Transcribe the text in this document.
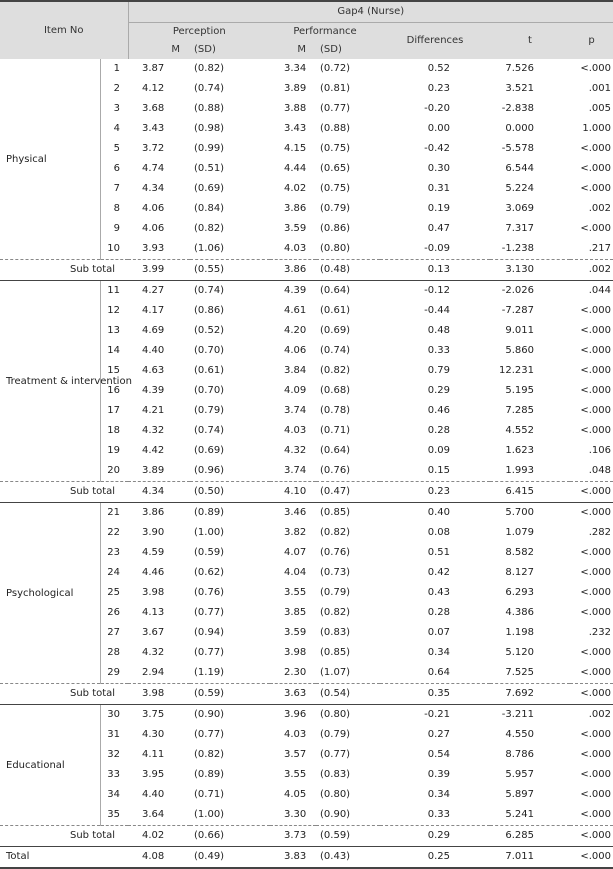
Item No		Gap4 (Nurse)						
		Perception		Performance		Differences	t	p
		M	(SD)	M	(SD)			
Physical	1	3.87	(0.82)	3.34	(0.72)	0.52	7.526	<.000
	2	4.12	(0.74)	3.89	(0.81)	0.23	3.521	.001
	3	3.68	(0.88)	3.88	(0.77)	-0.20	-2.838	.005
	4	3.43	(0.98)	3.43	(0.88)	0.00	0.000	1.000
	5	3.72	(0.99)	4.15	(0.75)	-0.42	-5.578	<.000
	6	4.74	(0.51)	4.44	(0.65)	0.30	6.544	<.000
	7	4.34	(0.69)	4.02	(0.75)	0.31	5.224	<.000
	8	4.06	(0.84)	3.86	(0.79)	0.19	3.069	.002
	9	4.06	(0.82)	3.59	(0.86)	0.47	7.317	<.000
	10	3.93	(1.06)	4.03	(0.80)	-0.09	-1.238	.217
Sub total		3.99	(0.55)	3.86	(0.48)	0.13	3.130	.002
Treatment & intervention	11	4.27	(0.74)	4.39	(0.64)	-0.12	-2.026	.044
	12	4.17	(0.86)	4.61	(0.61)	-0.44	-7.287	<.000
	13	4.69	(0.52)	4.20	(0.69)	0.48	9.011	<.000
	14	4.40	(0.70)	4.06	(0.74)	0.33	5.860	<.000
	15	4.63	(0.61)	3.84	(0.82)	0.79	12.231	<.000
	16	4.39	(0.70)	4.09	(0.68)	0.29	5.195	<.000
	17	4.21	(0.79)	3.74	(0.78)	0.46	7.285	<.000
	18	4.32	(0.74)	4.03	(0.71)	0.28	4.552	<.000
	19	4.42	(0.69)	4.32	(0.64)	0.09	1.623	.106
	20	3.89	(0.96)	3.74	(0.76)	0.15	1.993	.048
Sub total		4.34	(0.50)	4.10	(0.47)	0.23	6.415	<.000
Psychological	21	3.86	(0.89)	3.46	(0.85)	0.40	5.700	<.000
	22	3.90	(1.00)	3.82	(0.82)	0.08	1.079	.282
	23	4.59	(0.59)	4.07	(0.76)	0.51	8.582	<.000
	24	4.46	(0.62)	4.04	(0.73)	0.42	8.127	<.000
	25	3.98	(0.76)	3.55	(0.79)	0.43	6.293	<.000
	26	4.13	(0.77)	3.85	(0.82)	0.28	4.386	<.000
	27	3.67	(0.94)	3.59	(0.83)	0.07	1.198	.232
	28	4.32	(0.77)	3.98	(0.85)	0.34	5.120	<.000
	29	2.94	(1.19)	2.30	(1.07)	0.64	7.525	<.000
Sub total		3.98	(0.59)	3.63	(0.54)	0.35	7.692	<.000
Educational	30	3.75	(0.90)	3.96	(0.80)	-0.21	-3.211	.002
	31	4.30	(0.77)	4.03	(0.79)	0.27	4.550	<.000
	32	4.11	(0.82)	3.57	(0.77)	0.54	8.786	<.000
	33	3.95	(0.89)	3.55	(0.83)	0.39	5.957	<.000
	34	4.40	(0.71)	4.05	(0.80)	0.34	5.897	<.000
	35	3.64	(1.00)	3.30	(0.90)	0.33	5.241	<.000
Sub total		4.02	(0.66)	3.73	(0.59)	0.29	6.285	<.000
Total		4.08	(0.49)	3.83	(0.43)	0.25	7.011	<.000
